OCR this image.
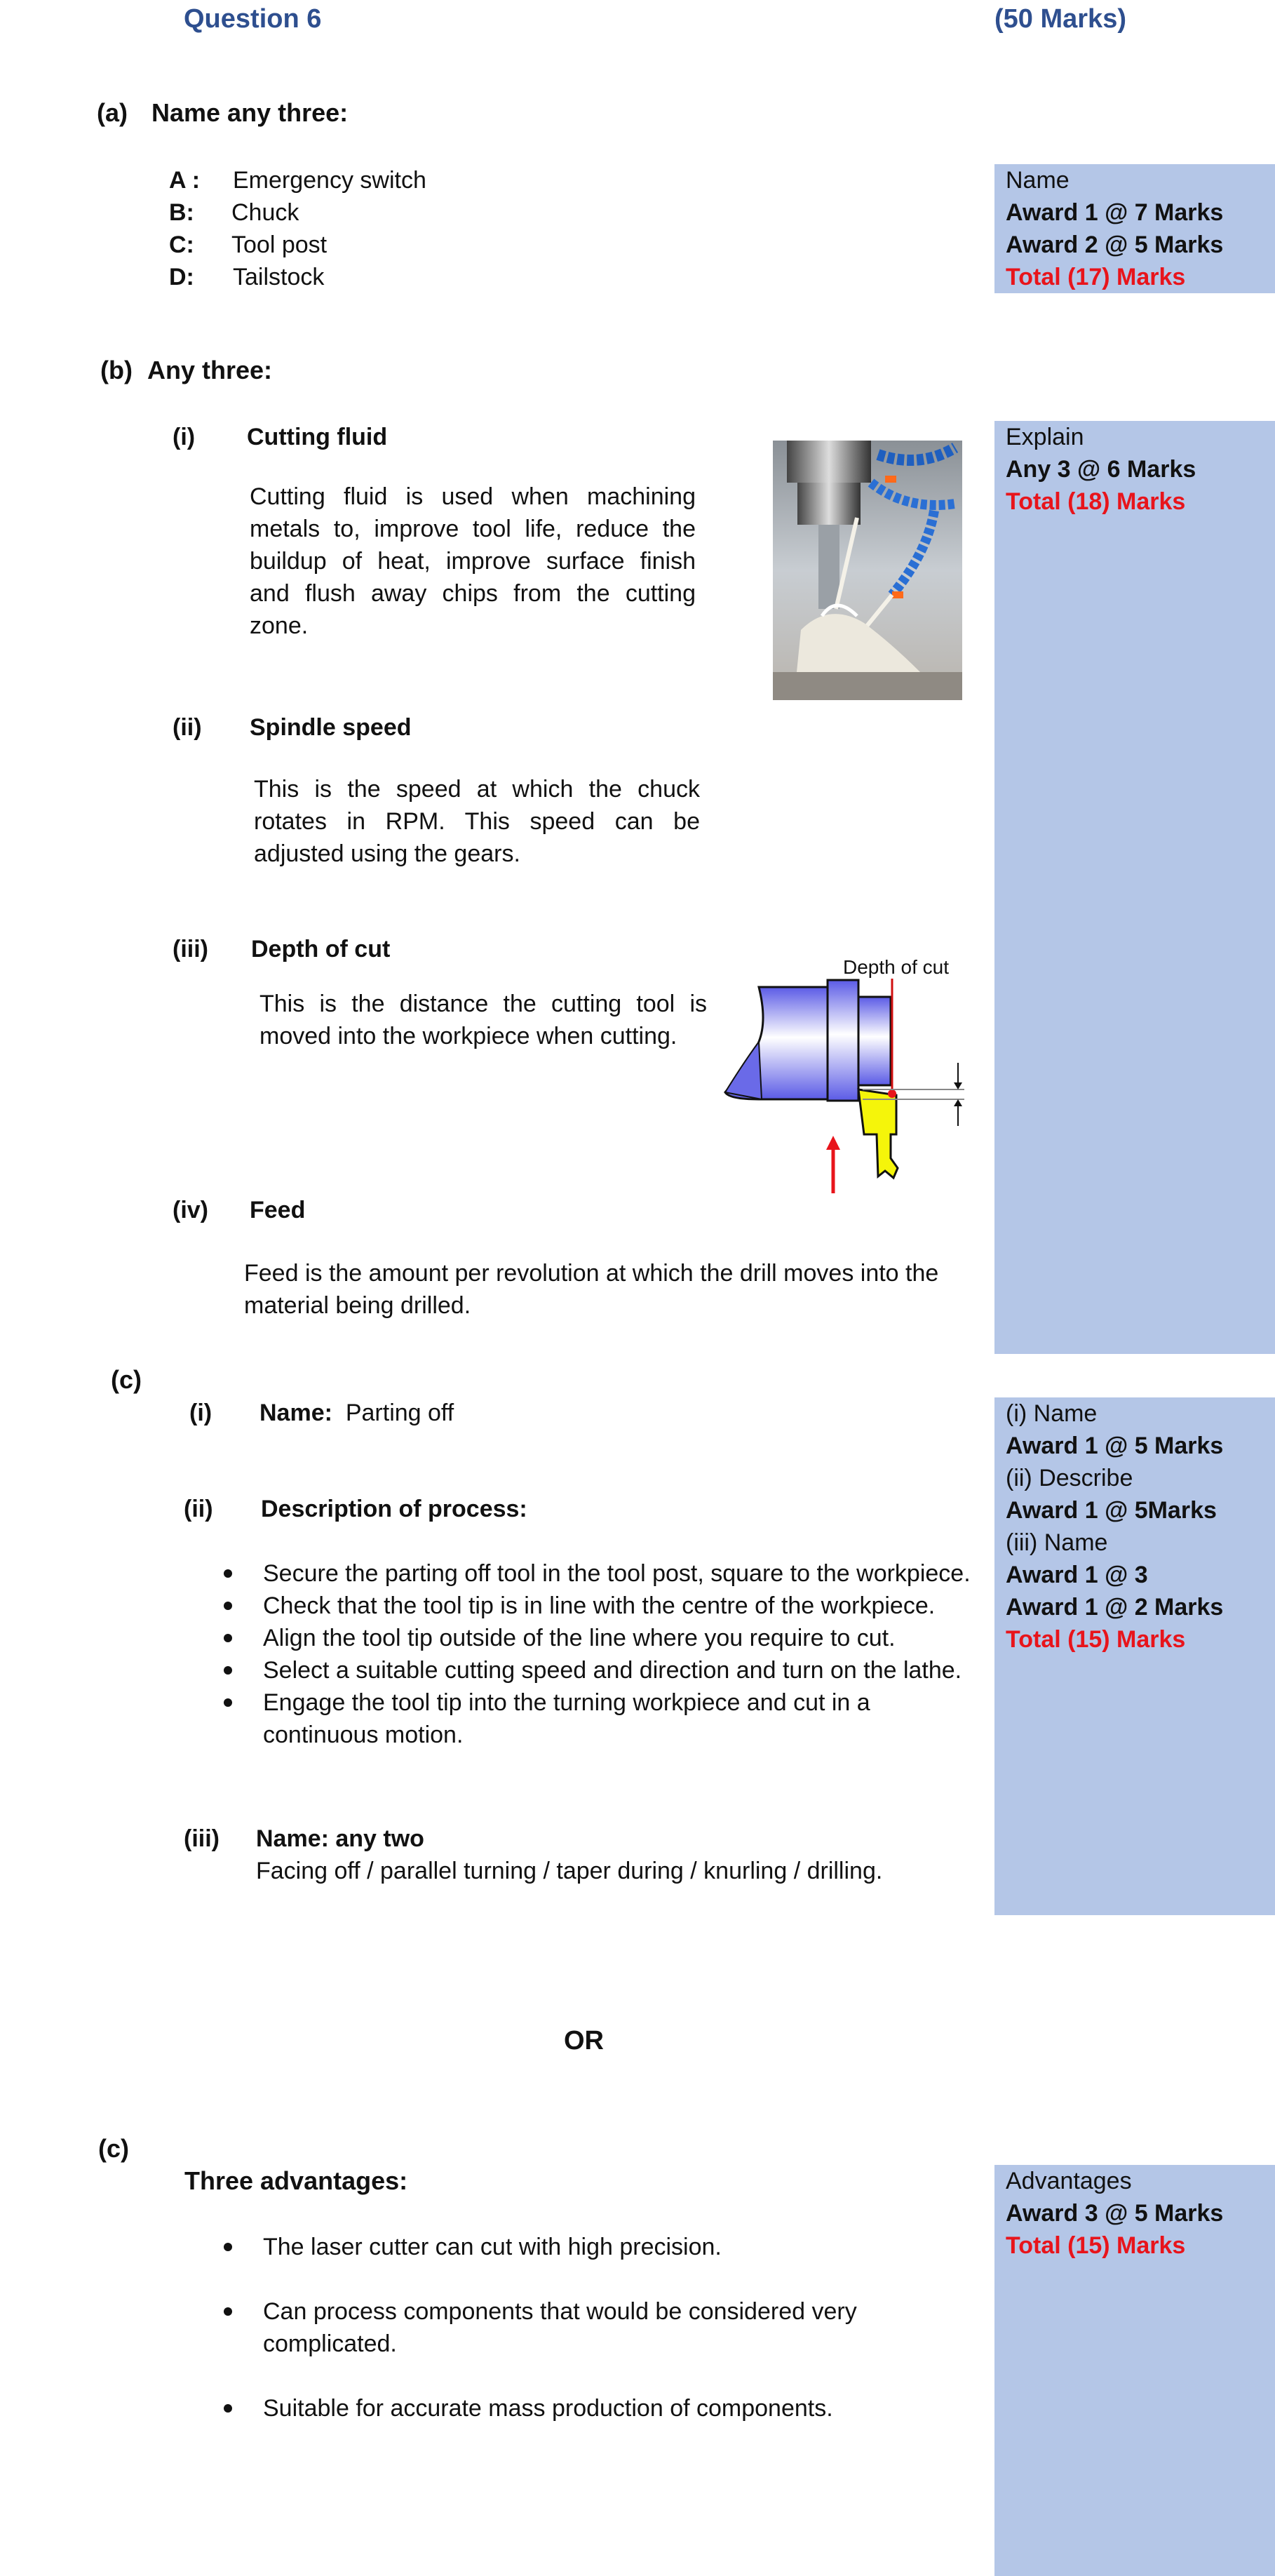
Question 6	(50 Marks)
(a) Name any three:
A : Emergency switch
B: Chuck
C: Tool post
D: Tailstock
Name
Award 1 @ 7 Marks
Award 2 @ 5 Marks
Total (17) Marks
(b) Any three:
(i) Cutting fluid
Cutting fluid is used when machining metals to, improve tool life, reduce the buildup of heat, improve surface finish and flush away chips from the cutting zone.
(ii) Spindle speed
This is the speed at which the chuck rotates in RPM. This speed can be adjusted using the gears.
(iii) Depth of cut
This is the distance the cutting tool is moved into the workpiece when cutting.
Depth of cut
(iv) Feed
Feed is the amount per revolution at which the drill moves into the material being drilled.
Explain
Any 3 @ 6 Marks
Total (18) Marks
(c)
(i) Name: Parting off
(ii) Description of process:
Secure the parting off tool in the tool post, square to the workpiece.
Check that the tool tip is in line with the centre of the workpiece.
Align the tool tip outside of the line where you require to cut.
Select a suitable cutting speed and direction and turn on the lathe.
Engage the tool tip into the turning workpiece and cut in a continuous motion.
(iii) Name: any two
Facing off / parallel turning / taper during / knurling / drilling.
(i) Name
Award 1 @ 5 Marks
(ii) Describe
Award 1 @ 5Marks
(iii) Name
Award 1 @ 3
Award 1 @ 2 Marks
Total (15) Marks
OR
(c)
Three advantages:
The laser cutter can cut with high precision.
Can process components that would be considered very complicated.
Suitable for accurate mass production of components.
Advantages
Award 3 @ 5 Marks
Total (15) Marks
